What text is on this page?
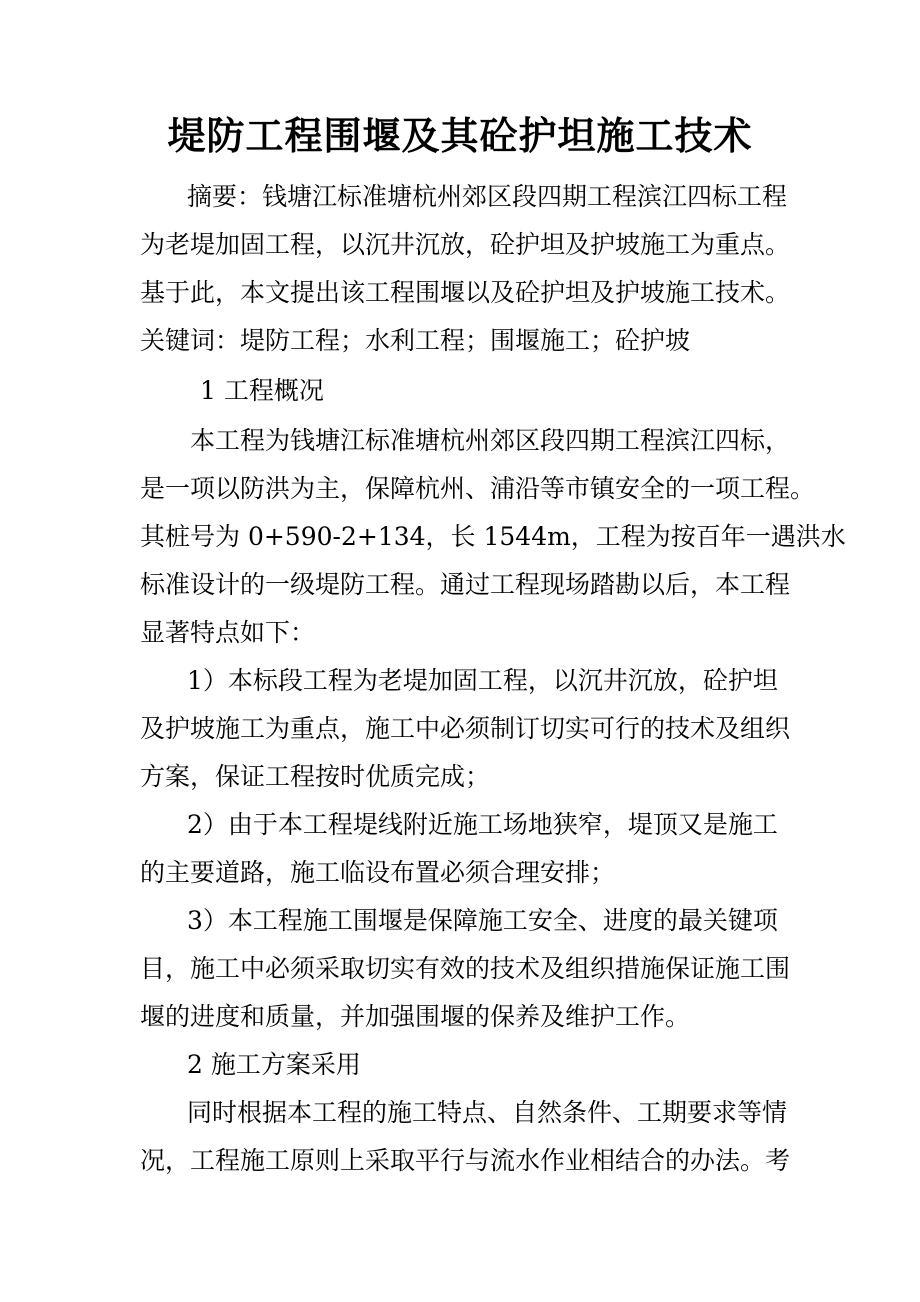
堤防工程围堰及其砼护坦施工技术

摘要：钱塘江标准塘杭州郊区段四期工程滨江四标工程

为老堤加固工程，以沉井沉放，砼护坦及护坡施工为重点。

基于此，本文提出该工程围堰以及砼护坦及护坡施工技术。

关键词：堤防工程；水利工程；围堰施工；砼护坡

1 工程概况

本工程为钱塘江标准塘杭州郊区段四期工程滨江四标，

是一项以防洪为主，保障杭州、浦沿等市镇安全的一项工程。

其桩号为 0+590-2+134，长 1544m，工程为按百年一遇洪水

标准设计的一级堤防工程。通过工程现场踏勘以后，本工程

显著特点如下：

1）本标段工程为老堤加固工程，以沉井沉放，砼护坦

及护坡施工为重点，施工中必须制订切实可行的技术及组织

方案，保证工程按时优质完成；

2）由于本工程堤线附近施工场地狭窄，堤顶又是施工

的主要道路，施工临设布置必须合理安排；

3）本工程施工围堰是保障施工安全、进度的最关键项

目，施工中必须采取切实有效的技术及组织措施保证施工围

堰的进度和质量，并加强围堰的保养及维护工作。

2 施工方案采用

同时根据本工程的施工特点、自然条件、工期要求等情

况，工程施工原则上采取平行与流水作业相结合的办法。考
